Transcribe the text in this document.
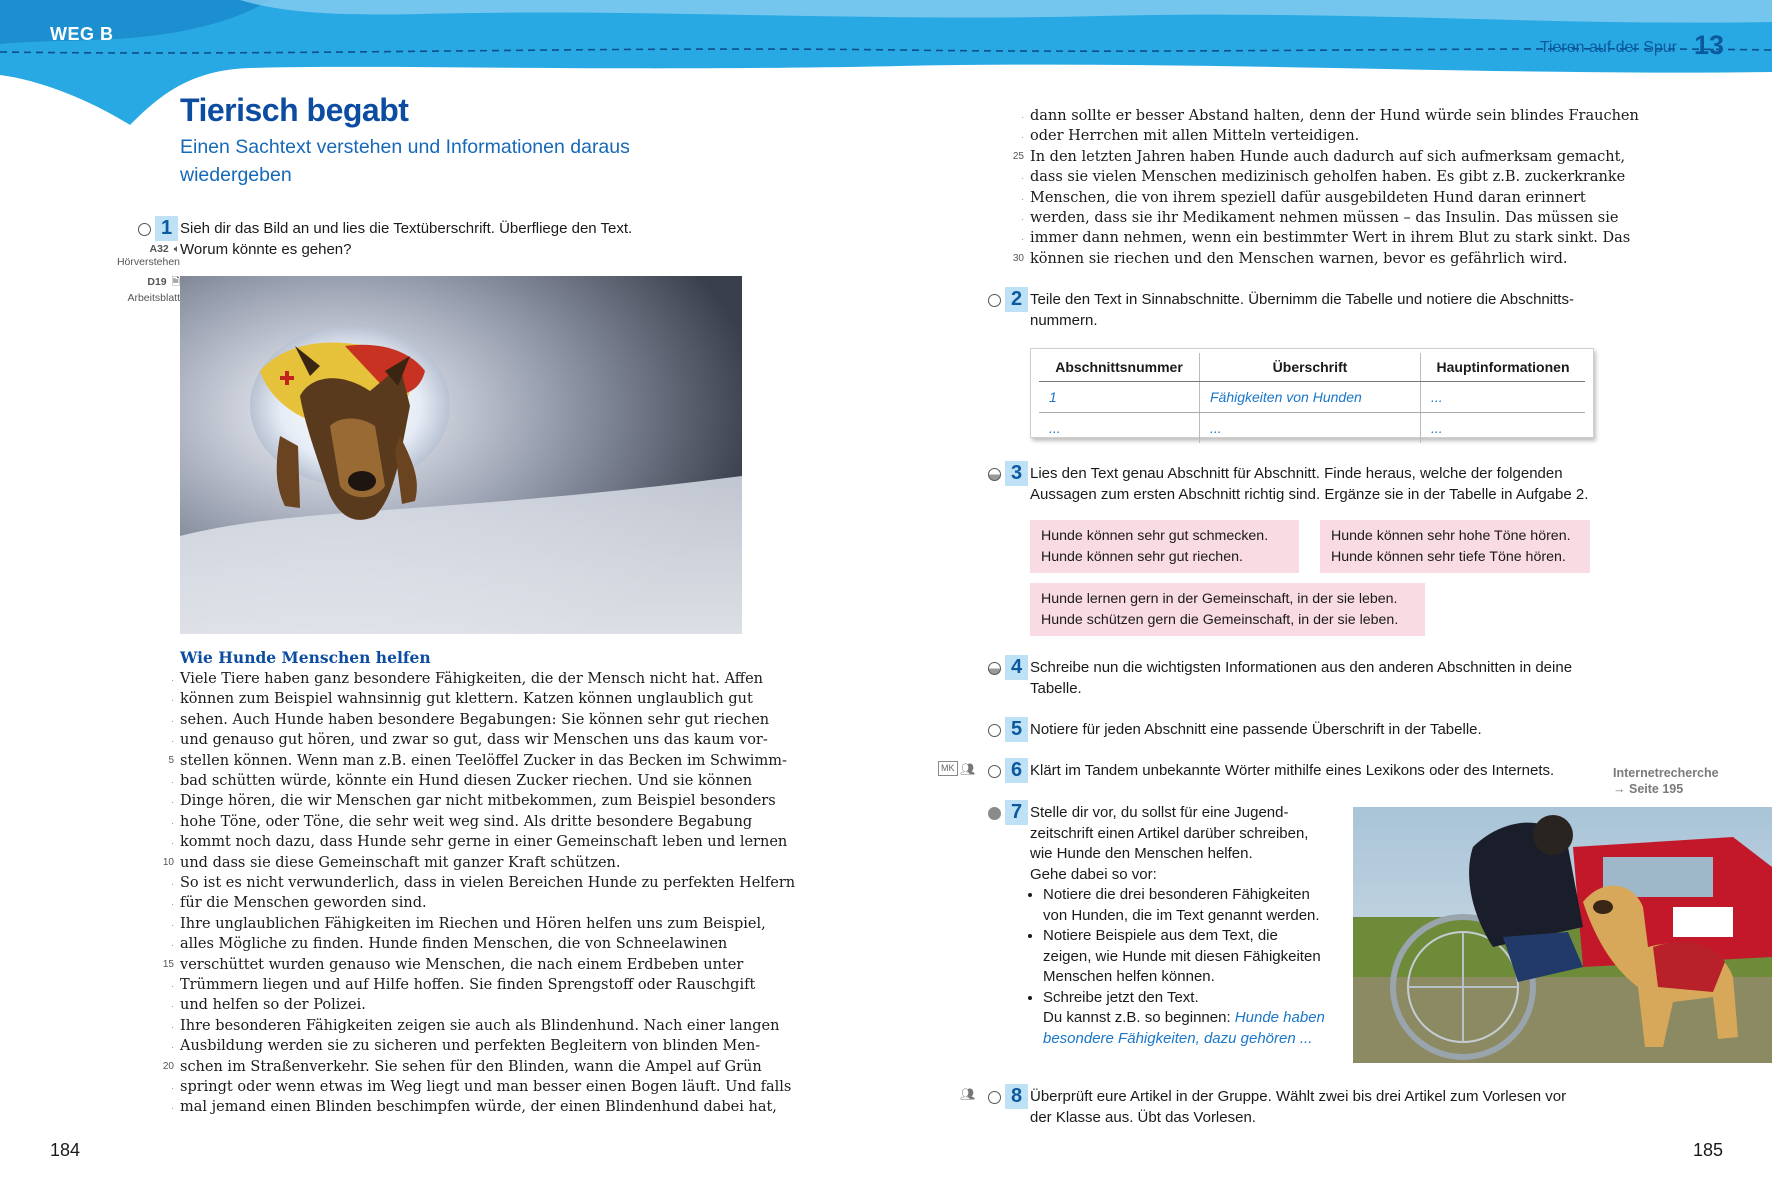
WEG B
Tieren auf der Spur 13
Tierisch begabt

Einen Sachtext verstehen und Informationen daraus wiedergeben

1 Sieh dir das Bild an und lies die Textüberschrift. Überfliege den Text. Worum könnte es gehen?
A32 🔈︎
Hörverstehen
D19 🗎︎
Arbeitsblatt
Wie Hunde Menschen helfen
. Viele Tiere haben ganz besondere Fähigkeiten, die der Mensch nicht hat. Affen
. können zum Beispiel wahnsinnig gut klettern. Katzen können unglaublich gut
. sehen. Auch Hunde haben besondere Begabungen: Sie können sehr gut riechen
. und genauso gut hören, und zwar so gut, dass wir Menschen uns das kaum vor-
5 stellen können. Wenn man z.B. einen Teelöffel Zucker in das Becken im Schwimm-
. bad schütten würde, könnte ein Hund diesen Zucker riechen. Und sie können
. Dinge hören, die wir Menschen gar nicht mitbekommen, zum Beispiel besonders
. hohe Töne, oder Töne, die sehr weit weg sind. Als dritte besondere Begabung
. kommt noch dazu, dass Hunde sehr gerne in einer Gemeinschaft leben und lernen
10 und dass sie diese Gemeinschaft mit ganzer Kraft schützen.
. So ist es nicht verwunderlich, dass in vielen Bereichen Hunde zu perfekten Helfern
. für die Menschen geworden sind.
. Ihre unglaublichen Fähigkeiten im Riechen und Hören helfen uns zum Beispiel,
. alles Mögliche zu finden. Hunde finden Menschen, die von Schneelawinen
15 verschüttet wurden genauso wie Menschen, die nach einem Erdbeben unter
. Trümmern liegen und auf Hilfe hoffen. Sie finden Sprengstoff oder Rauschgift
. und helfen so der Polizei.
. Ihre besonderen Fähigkeiten zeigen sie auch als Blindenhund. Nach einer langen
. Ausbildung werden sie zu sicheren und perfekten Begleitern von blinden Men-
20 schen im Straßenverkehr. Sie sehen für den Blinden, wann die Ampel auf Grün
. springt oder wenn etwas im Weg liegt und man besser einen Bogen läuft. Und falls
. mal jemand einen Blinden beschimpfen würde, der einen Blindenhund dabei hat,
184
. dann sollte er besser Abstand halten, denn der Hund würde sein blindes Frauchen
. oder Herrchen mit allen Mitteln verteidigen.
25 In den letzten Jahren haben Hunde auch dadurch auf sich aufmerksam gemacht,
. dass sie vielen Menschen medizinisch geholfen haben. Es gibt z.B. zuckerkranke
. Menschen, die von ihrem speziell dafür ausgebildeten Hund daran erinnert
. werden, dass sie ihr Medikament nehmen müssen – das Insulin. Das müssen sie
. immer dann nehmen, wenn ein bestimmter Wert in ihrem Blut zu stark sinkt. Das
30 können sie riechen und den Menschen warnen, bevor es gefährlich wird.
2 Teile den Text in Sinnabschnitte. Übernimm die Tabelle und notiere die Abschnitts-
nummern.
Abschnittsnummer	Überschrift	Hauptinformationen
1	Fähigkeiten von Hunden	...
...	...	...
3 Lies den Text genau Abschnitt für Abschnitt. Finde heraus, welche der folgenden
Aussagen zum ersten Abschnitt richtig sind. Ergänze sie in der Tabelle in Aufgabe 2.
Hunde können sehr gut schmecken.
Hunde können sehr gut riechen.
Hunde können sehr hohe Töne hören.
Hunde können sehr tiefe Töne hören.
Hunde lernen gern in der Gemeinschaft, in der sie leben.
Hunde schützen gern die Gemeinschaft, in der sie leben.
4 Schreibe nun die wichtigsten Informationen aus den anderen Abschnitten in deine
Tabelle.
5 Notiere für jeden Abschnitt eine passende Überschrift in der Tabelle.
MK 👥︎ 6 Klärt im Tandem unbekannte Wörter mithilfe eines Lexikons oder des Internets.	Internetrecherche
→ Seite 195
7 Stelle dir vor, du sollst für eine Jugend-
zeitschrift einen Artikel darüber schreiben,
wie Hunde den Menschen helfen.
Gehe dabei so vor:
• Notiere die drei besonderen Fähigkeiten von Hunden, die im Text genannt werden.
• Notiere Beispiele aus dem Text, die zeigen, wie Hunde mit diesen Fähigkeiten Menschen helfen können.
• Schreibe jetzt den Text.
Du kannst z.B. so beginnen: Hunde haben besondere Fähigkeiten, dazu gehören ...
👥︎ 8 Überprüft eure Artikel in der Gruppe. Wählt zwei bis drei Artikel zum Vorlesen vor
der Klasse aus. Übt das Vorlesen.
185
